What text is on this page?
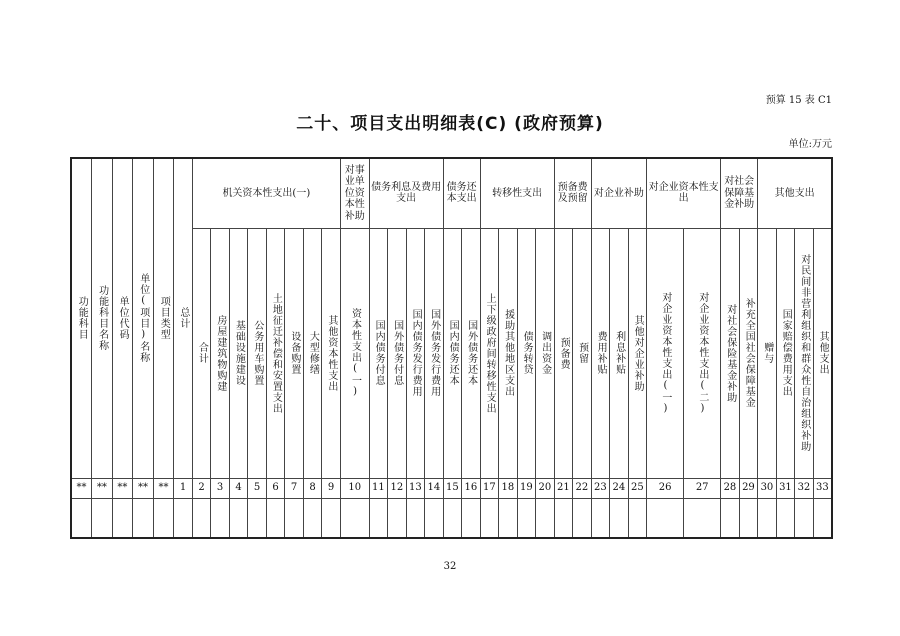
预算 15 表 C1
二十、项目支出明细表(C) (政府预算)
单位:万元
功能科目	功能科目名称	单位代码	单位(项目)名称	项目类型	总计	机关资本性支出(一)								对事业单位资本性补助	债务利息及费用支出				债务还本支出		转移性支出				预备费及预留		对企业补助			对企业资本性支出		对社会保障基金补助		其他支出			

						合计	房屋建筑物购建	基础设施建设	公务用车购置	土地征迁补偿和安置支出	设备购置	大型修缮	其他资本性支出	资本性支出(一)	国内债务付息	国外债务付息	国内债务发行费用	国外债务发行费用	国内债务还本	国外债务还本	上下级政府间转移性支出	援助其他地区支出	债务转贷	调出资金	预备费	预留	费用补贴	利息补贴	其他对企业补助	对企业资本性支出(一)	对企业资本性支出(二)	对社会保险基金补助	补充全国社会保障基金	赠与	国家赔偿费用支出	对民间非营利组织和群众性自治组织补助	其他支出

**	**	**	**	**	1	2	3	4	5	6	7	8	9	10	11	12	13	14	15	16	17	18	19	20	21	22	23	24	25	26	27	28	29	30	31	32	33

32
